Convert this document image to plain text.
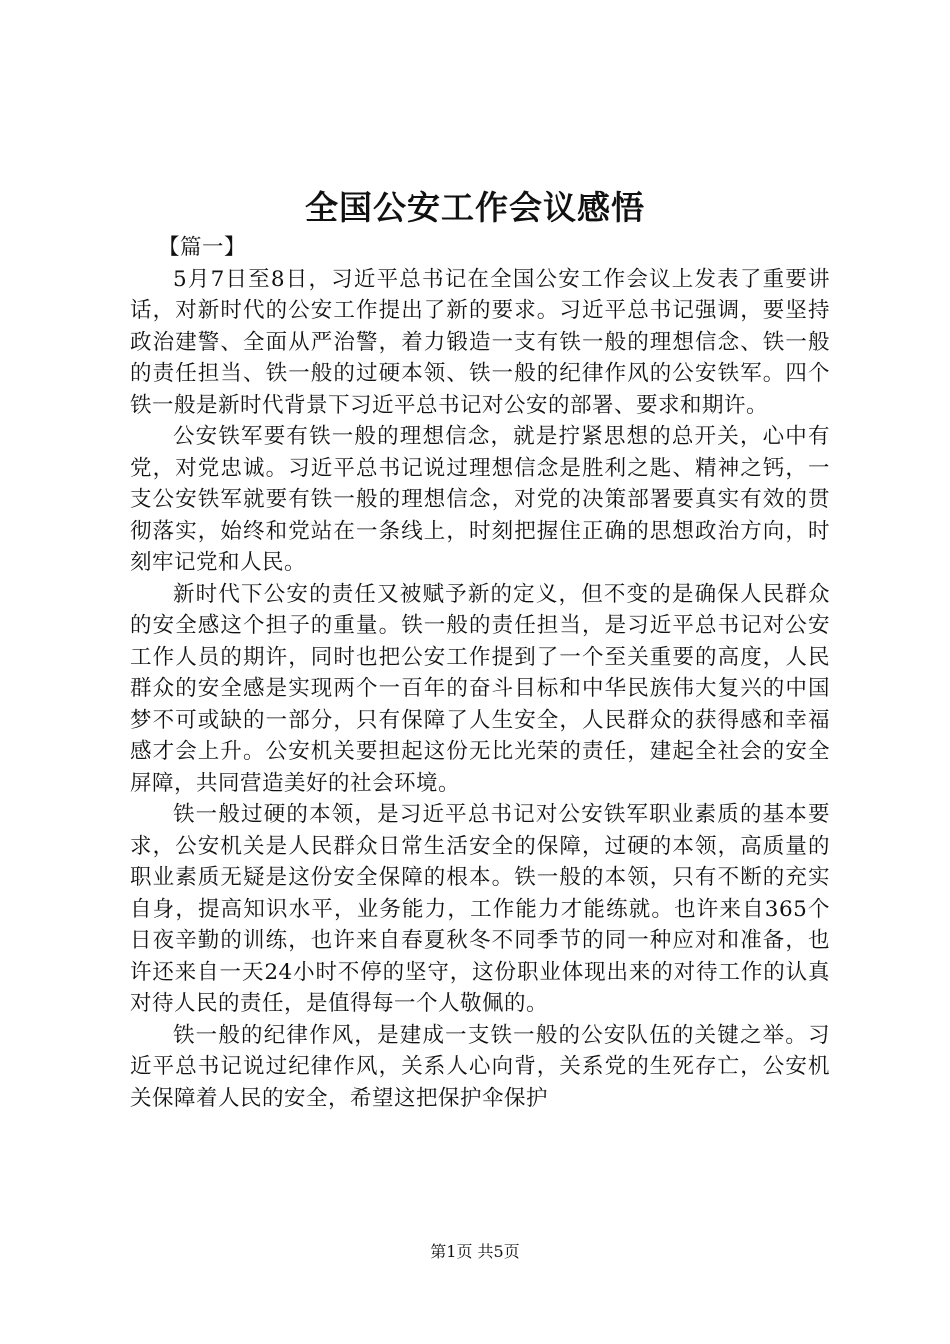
全国公安工作会议感悟

【篇一】

5月7日至8日，习近平总书记在全国公安工作会议上发表了重要讲话，对新时代的公安工作提出了新的要求。习近平总书记强调，要坚持政治建警、全面从严治警，着力锻造一支有铁一般的理想信念、铁一般的责任担当、铁一般的过硬本领、铁一般的纪律作风的公安铁军。四个铁一般是新时代背景下习近平总书记对公安的部署、要求和期许。

公安铁军要有铁一般的理想信念，就是拧紧思想的总开关，心中有党，对党忠诚。习近平总书记说过理想信念是胜利之匙、精神之钙，一支公安铁军就要有铁一般的理想信念，对党的决策部署要真实有效的贯彻落实，始终和党站在一条线上，时刻把握住正确的思想政治方向，时刻牢记党和人民。

新时代下公安的责任又被赋予新的定义，但不变的是确保人民群众的安全感这个担子的重量。铁一般的责任担当，是习近平总书记对公安工作人员的期许，同时也把公安工作提到了一个至关重要的高度，人民群众的安全感是实现两个一百年的奋斗目标和中华民族伟大复兴的中国梦不可或缺的一部分，只有保障了人生安全，人民群众的获得感和幸福感才会上升。公安机关要担起这份无比光荣的责任，建起全社会的安全屏障，共同营造美好的社会环境。

铁一般过硬的本领，是习近平总书记对公安铁军职业素质的基本要求，公安机关是人民群众日常生活安全的保障，过硬的本领，高质量的职业素质无疑是这份安全保障的根本。铁一般的本领，只有不断的充实自身，提高知识水平，业务能力，工作能力才能练就。也许来自365个日夜辛勤的训练，也许来自春夏秋冬不同季节的同一种应对和准备，也许还来自一天24小时不停的坚守，这份职业体现出来的对待工作的认真对待人民的责任，是值得每一个人敬佩的。

铁一般的纪律作风，是建成一支铁一般的公安队伍的关键之举。习近平总书记说过纪律作风，关系人心向背，关系党的生死存亡，公安机关保障着人民的安全，希望这把保护伞保护

第1页 共5页
